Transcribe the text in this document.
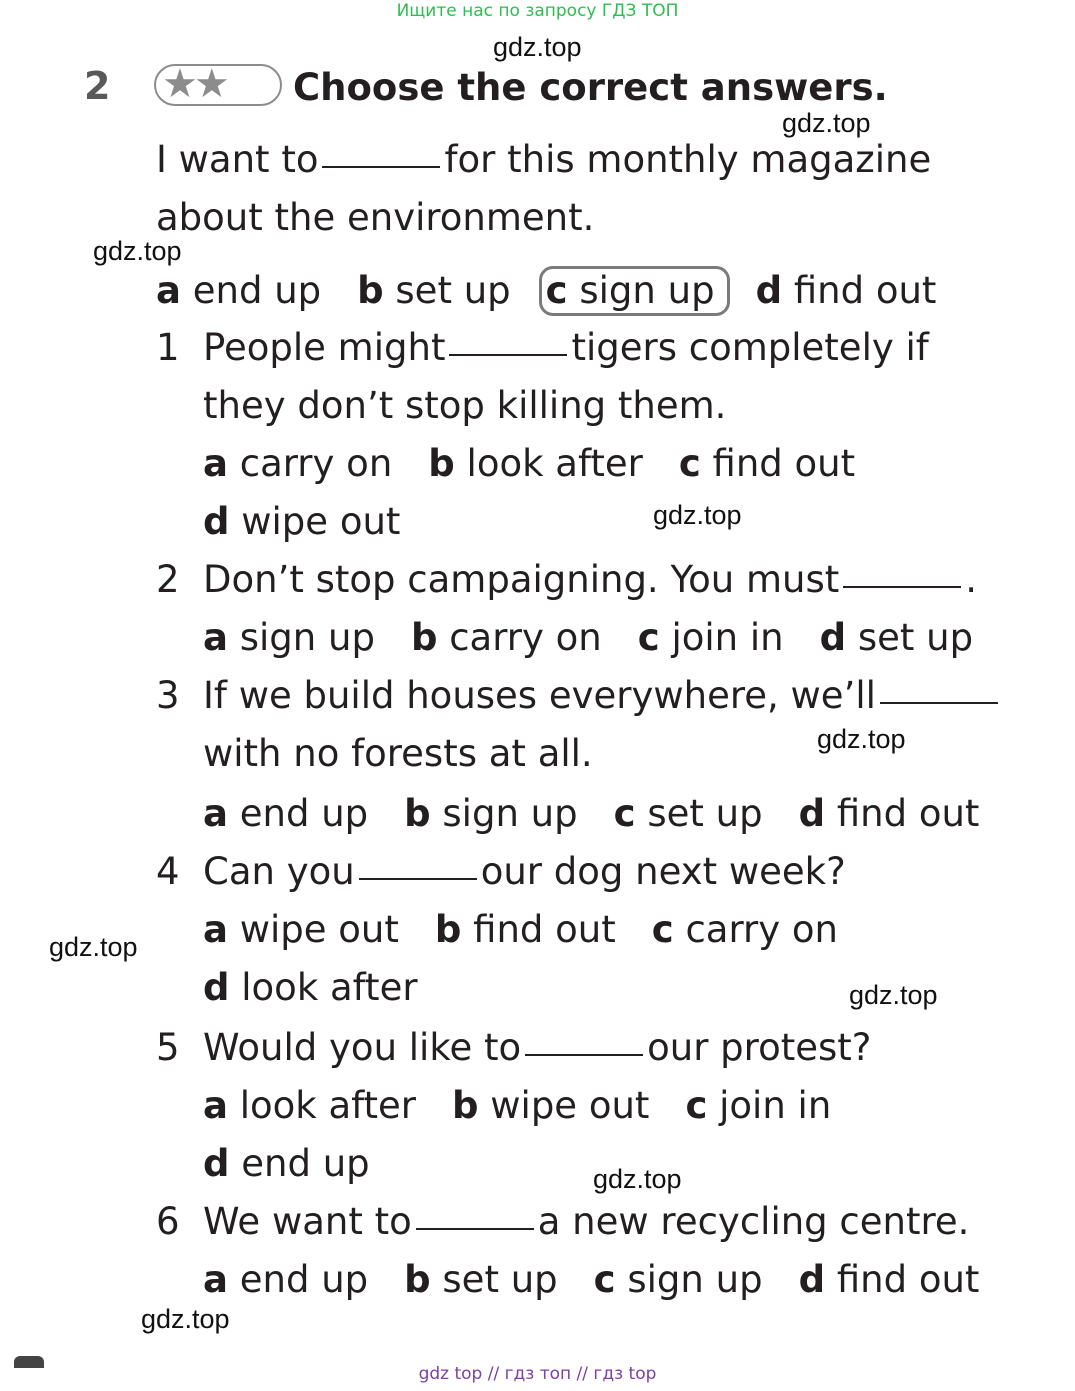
Ищите нас по запросу ГДЗ ТОП
2 ★★ Choose the correct answers.
I want to	for this monthly magazine
about the environment.
a end up b set up c sign up d find out
1 People might	tigers completely if
they don’t stop killing them.
a carry on b look after c find out
d wipe out
2 Don’t stop campaigning. You must	.
a sign up b carry on c join in d set up
3 If we build houses everywhere, we’ll
with no forests at all.
a end up b sign up c set up d find out
4 Can you	our dog next week?
a wipe out b find out c carry on
d look after
5 Would you like to	our protest?
a look after b wipe out c join in
d end up
6 We want to	a new recycling centre.
a end up b set up c sign up d find out
gdz.top
gdz.top
gdz.top
gdz.top
gdz.top
gdz.top
gdz.top
gdz.top
gdz.top
gdz top // гдз топ // гдз top
